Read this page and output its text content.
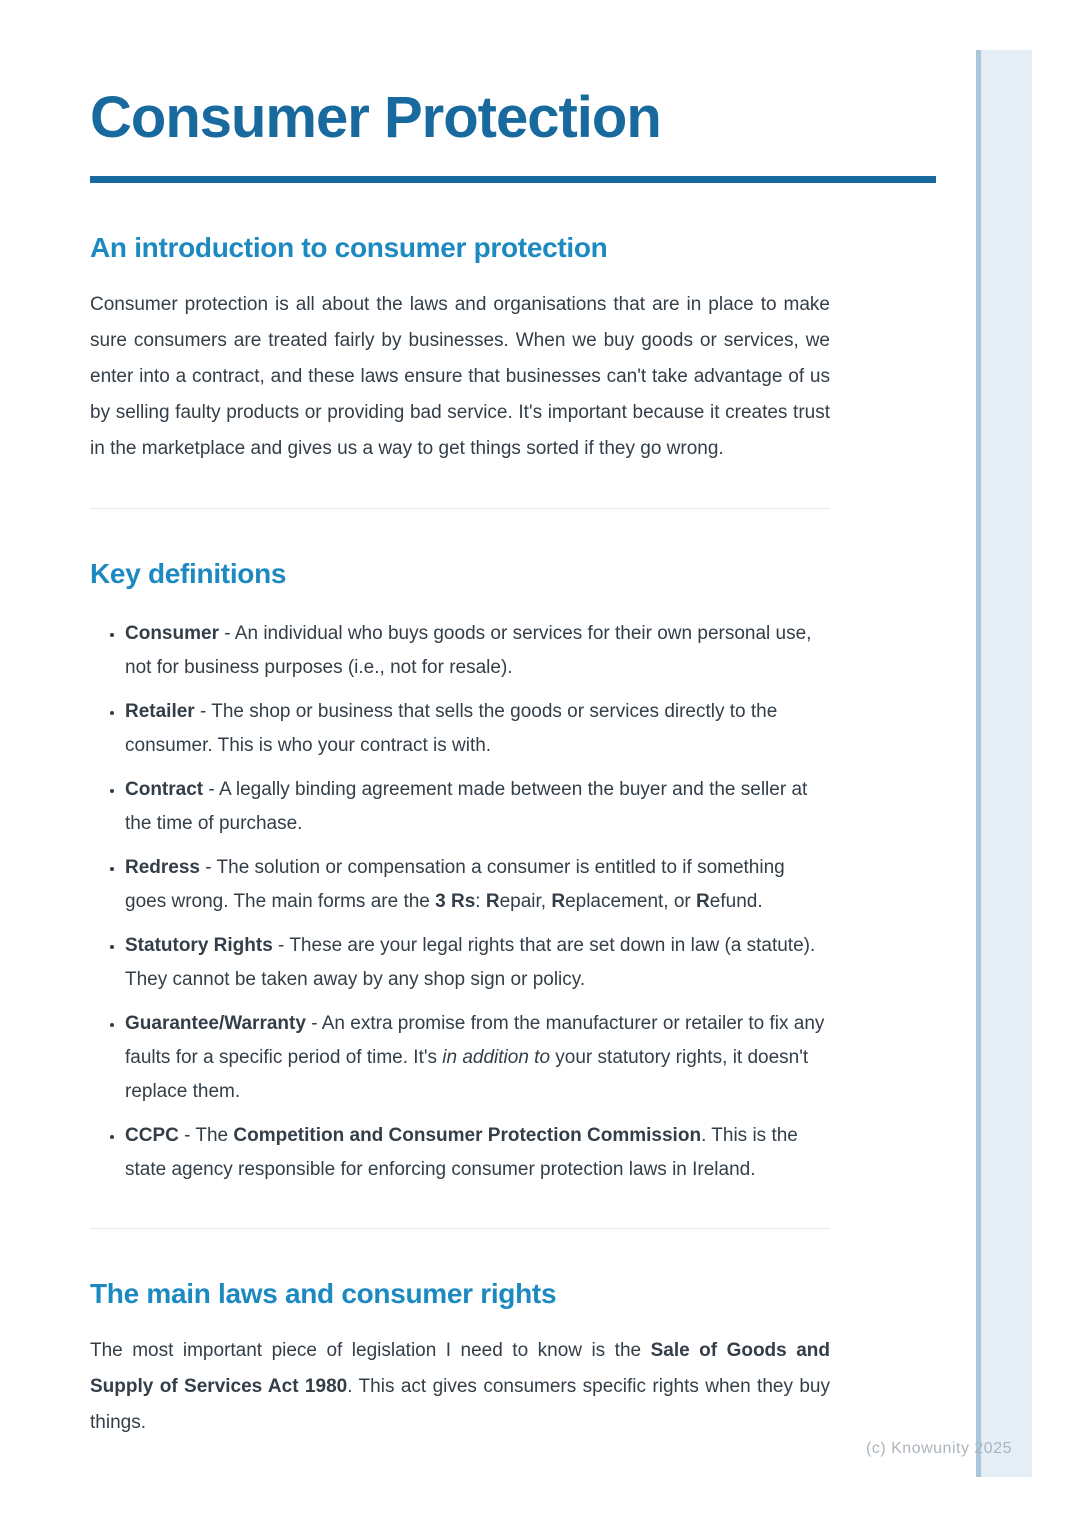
Consumer Protection
An introduction to consumer protection

Consumer protection is all about the laws and organisations that are in place to make sure consumers are treated fairly by businesses. When we buy goods or services, we enter into a contract, and these laws ensure that businesses can't take advantage of us by selling faulty products or providing bad service. It's important because it creates trust in the marketplace and gives us a way to get things sorted if they go wrong.

Key definitions
• Consumer - An individual who buys goods or services for their own personal use, not for business purposes (i.e., not for resale).
• Retailer - The shop or business that sells the goods or services directly to the consumer. This is who your contract is with.
• Contract - A legally binding agreement made between the buyer and the seller at the time of purchase.
• Redress - The solution or compensation a consumer is entitled to if something goes wrong. The main forms are the 3 Rs: Repair, Replacement, or Refund.
• Statutory Rights - These are your legal rights that are set down in law (a statute). They cannot be taken away by any shop sign or policy.
• Guarantee/Warranty - An extra promise from the manufacturer or retailer to fix any faults for a specific period of time. It's in addition to your statutory rights, it doesn't replace them.
• CCPC - The Competition and Consumer Protection Commission. This is the state agency responsible for enforcing consumer protection laws in Ireland.
The main laws and consumer rights

The most important piece of legislation I need to know is the Sale of Goods and Supply of Services Act 1980. This act gives consumers specific rights when they buy things.

(c) Knowunity 2025
